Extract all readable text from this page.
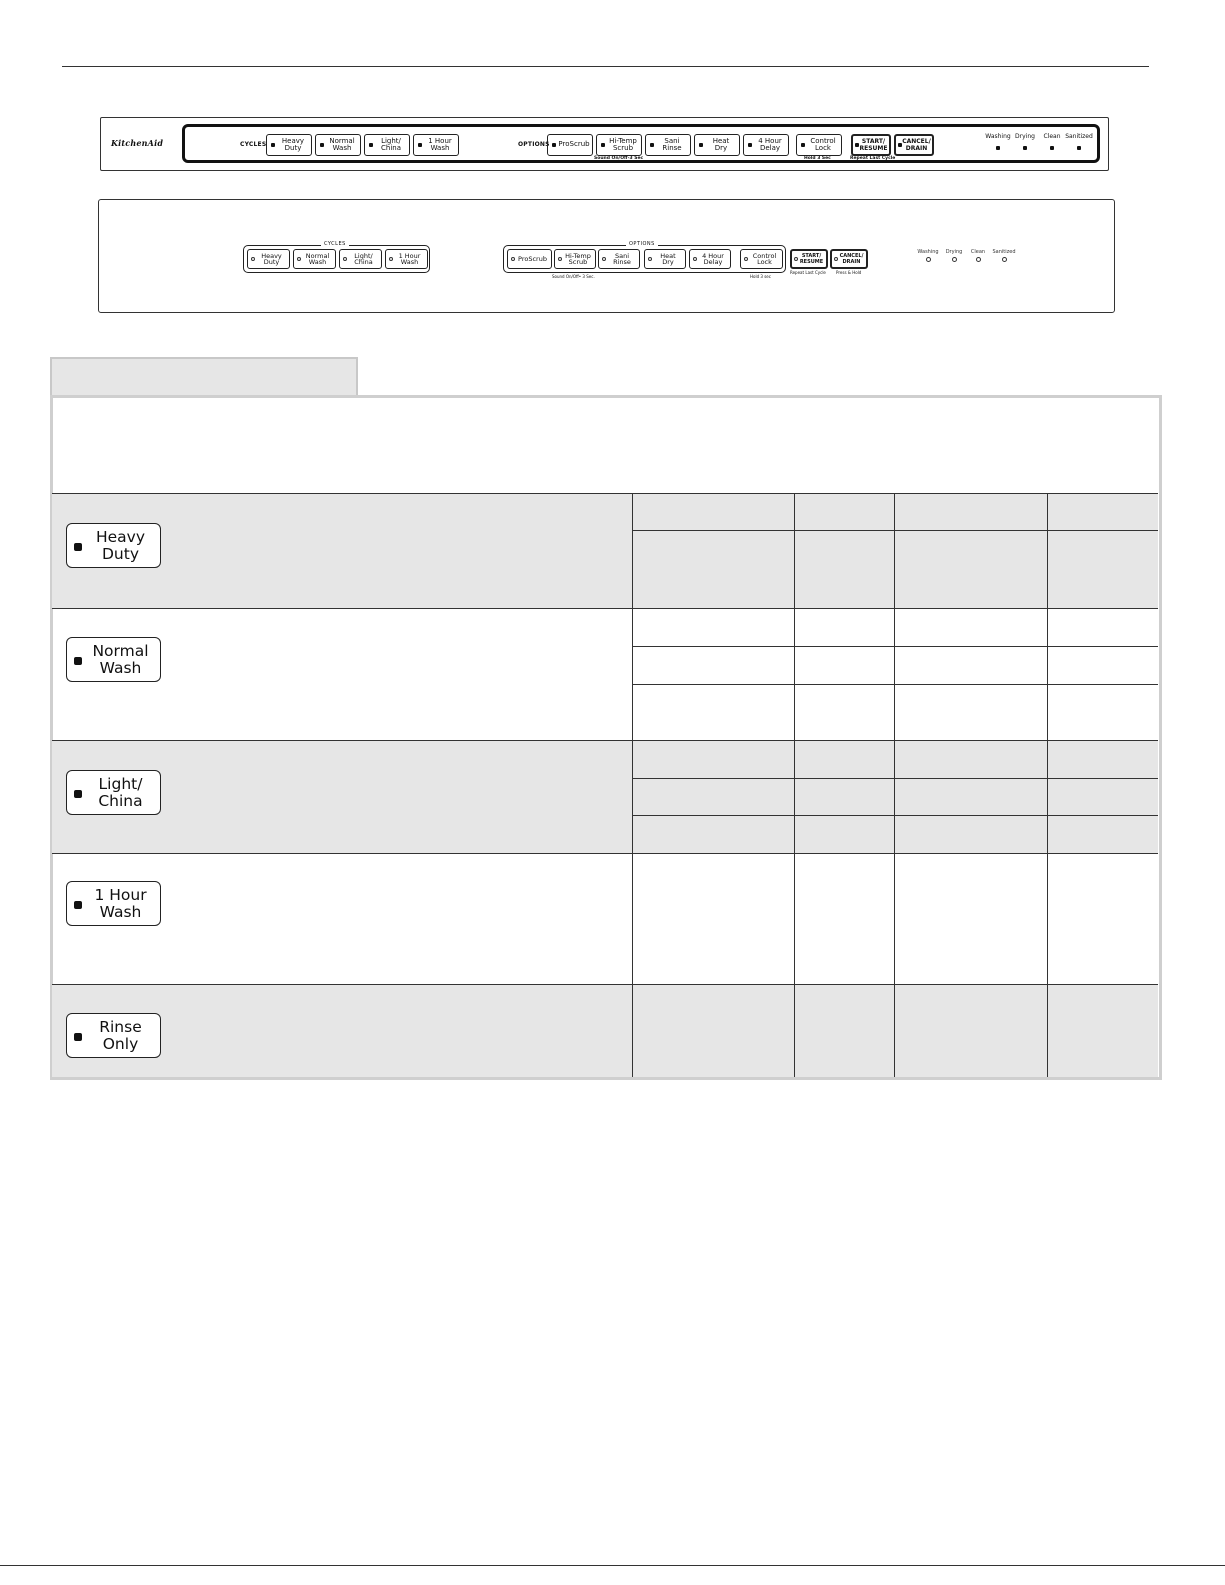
KitchenAid	CYCLES	Heavy
Duty
Normal
Wash
Light/
China
1 Hour
Wash	OPTIONS	ProScrub	Hi-Temp
Scrub
Sani
Rinse
Heat
Dry
4 Hour
Delay
Control
Lock
START/
RESUME
CANCEL/
DRAIN
Sound On/Off-3 Sec	Hold 3 Sec	Repeat Last Cycle
Washing Drying	Clean Sanitized
CYCLES
Heavy
Duty
Normal
Wash
Light/
China
1 Hour
Wash
OPTIONS
ProScrub	Hi-Temp
Scrub
Sani
Rinse
Heat
Dry
4 Hour
Delay
Control
Lock
START/
RESUME
CANCEL/
DRAIN
Sound On/Off• 3 Sec.	Hold 3 sec
Repeat Last Cycle	Press & Hold
Washing	Drying	Clean	Sanitized
Heavy
Duty
Normal
Wash
Light/
China
1 Hour
Wash
Rinse
Only
